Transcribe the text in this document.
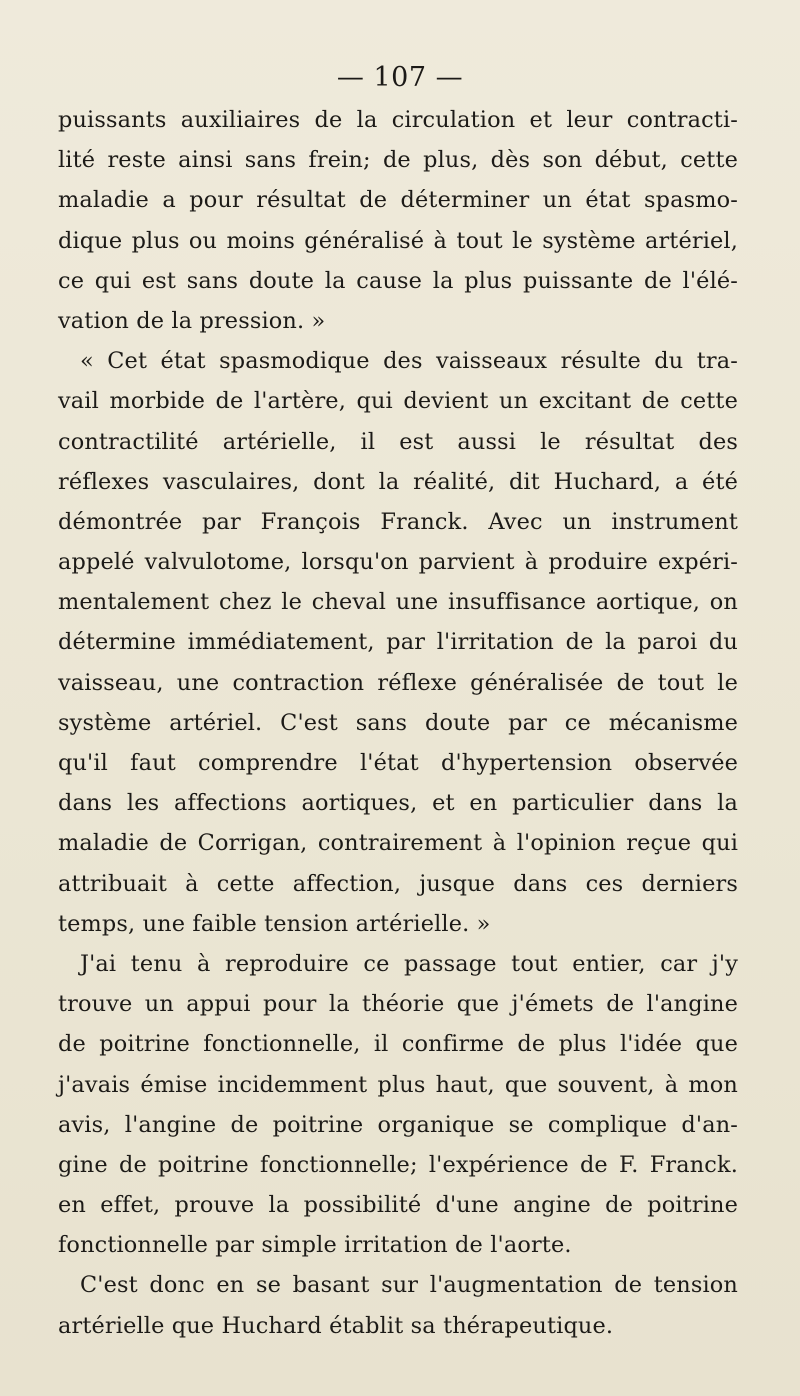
— 107 —
puissants auxiliaires de la circulation et leur contracti-
lité reste ainsi sans frein; de plus, dès son début, cette
maladie a pour résultat de déterminer un état spasmo-
dique plus ou moins généralisé à tout le système artériel,
ce qui est sans doute la cause la plus puissante de l'élé-
vation de la pression. »
« Cet état spasmodique des vaisseaux résulte du tra-
vail morbide de l'artère, qui devient un excitant de cette
contractilité artérielle, il est aussi le résultat des
réflexes vasculaires, dont la réalité, dit Huchard, a été
démontrée par François Franck. Avec un instrument
appelé valvulotome, lorsqu'on parvient à produire expéri-
mentalement chez le cheval une insuffisance aortique, on
détermine immédiatement, par l'irritation de la paroi du
vaisseau, une contraction réflexe généralisée de tout le
système artériel. C'est sans doute par ce mécanisme
qu'il faut comprendre l'état d'hypertension observée
dans les affections aortiques, et en particulier dans la
maladie de Corrigan, contrairement à l'opinion reçue qui
attribuait à cette affection, jusque dans ces derniers
temps, une faible tension artérielle. »
J'ai tenu à reproduire ce passage tout entier, car j'y
trouve un appui pour la théorie que j'émets de l'angine
de poitrine fonctionnelle, il confirme de plus l'idée que
j'avais émise incidemment plus haut, que souvent, à mon
avis, l'angine de poitrine organique se complique d'an-
gine de poitrine fonctionnelle; l'expérience de F. Franck.
en effet, prouve la possibilité d'une angine de poitrine
fonctionnelle par simple irritation de l'aorte.
C'est donc en se basant sur l'augmentation de tension
artérielle que Huchard établit sa thérapeutique.
